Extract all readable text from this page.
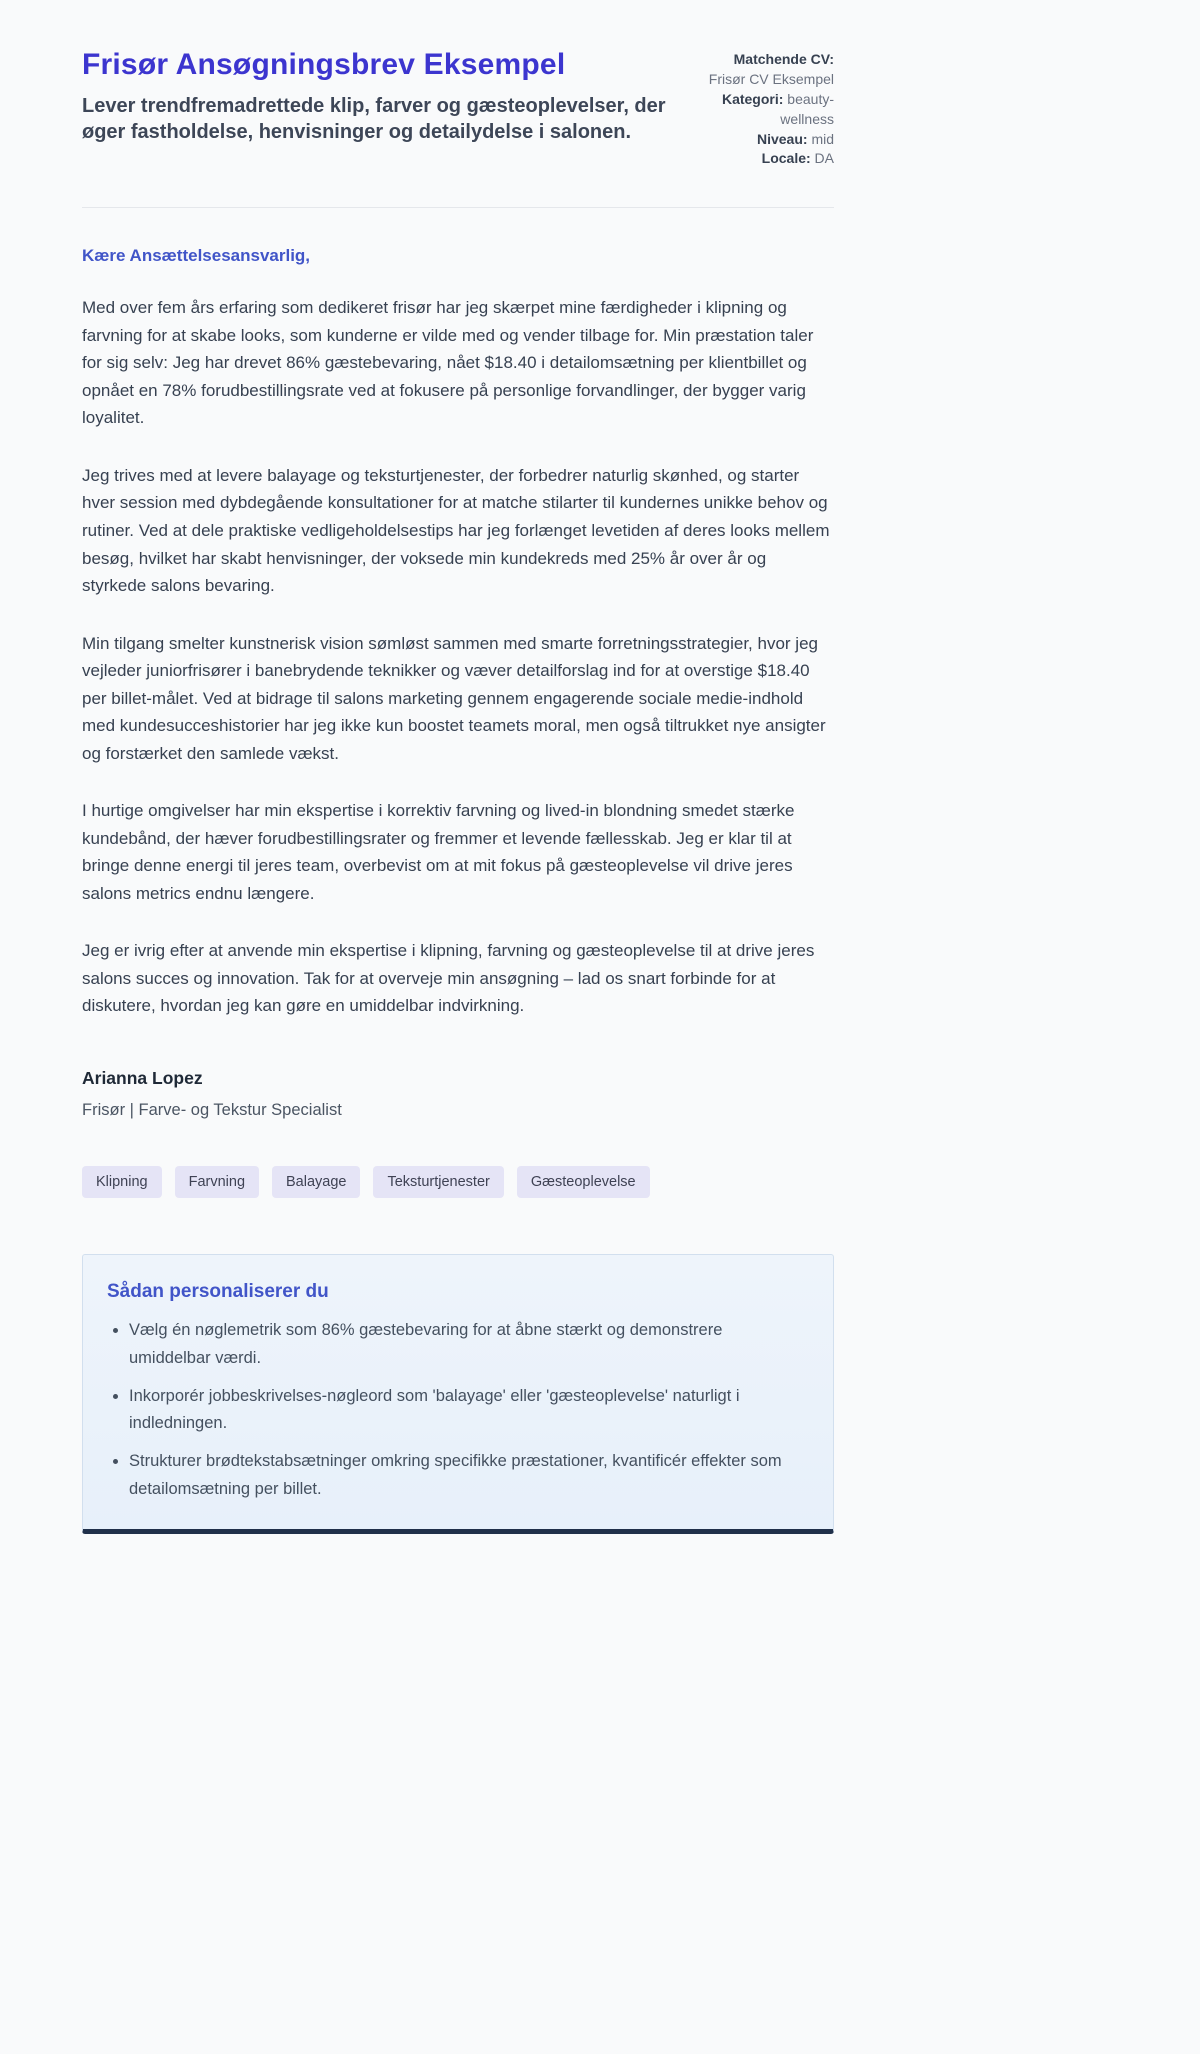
Frisør Ansøgningsbrev Eksempel

Lever trendfremadrettede klip, farver og gæsteoplevelser, der øger fastholdelse, henvisninger og detailydelse i salonen.

Matchende CV: Frisør CV Eksempel
Kategori: beauty-wellness
Niveau: mid
Locale: DA

Kære Ansættelsesansvarlig,

Med over fem års erfaring som dedikeret frisør har jeg skærpet mine færdigheder i klipning og farvning for at skabe looks, som kunderne er vilde med og vender tilbage for. Min præstation taler for sig selv: Jeg har drevet 86% gæstebevaring, nået $18.40 i detailomsætning per klientbillet og opnået en 78% forudbestillingsrate ved at fokusere på personlige forvandlinger, der bygger varig loyalitet.

Jeg trives med at levere balayage og teksturtjenester, der forbedrer naturlig skønhed, og starter hver session med dybdegående konsultationer for at matche stilarter til kundernes unikke behov og rutiner. Ved at dele praktiske vedligeholdelsestips har jeg forlænget levetiden af deres looks mellem besøg, hvilket har skabt henvisninger, der voksede min kundekreds med 25% år over år og styrkede salons bevaring.

Min tilgang smelter kunstnerisk vision sømløst sammen med smarte forretningsstrategier, hvor jeg vejleder juniorfrisører i banebrydende teknikker og væver detailforslag ind for at overstige $18.40 per billet-målet. Ved at bidrage til salons marketing gennem engagerende sociale medie-indhold med kundesucceshistorier har jeg ikke kun boostet teamets moral, men også tiltrukket nye ansigter og forstærket den samlede vækst.

I hurtige omgivelser har min ekspertise i korrektiv farvning og lived-in blondning smedet stærke kundebånd, der hæver forudbestillingsrater og fremmer et levende fællesskab. Jeg er klar til at bringe denne energi til jeres team, overbevist om at mit fokus på gæsteoplevelse vil drive jeres salons metrics endnu længere.

Jeg er ivrig efter at anvende min ekspertise i klipning, farvning og gæsteoplevelse til at drive jeres salons succes og innovation. Tak for at overveje min ansøgning – lad os snart forbinde for at diskutere, hvordan jeg kan gøre en umiddelbar indvirkning.

Arianna Lopez

Frisør | Farve- og Tekstur Specialist

Klipning	Farvning	Balayage	Teksturtjenester	Gæsteoplevelse
Sådan personaliserer du
• Vælg én nøglemetrik som 86% gæstebevaring for at åbne stærkt og demonstrere umiddelbar værdi.
• Inkorporér jobbeskrivelses-nøgleord som 'balayage' eller 'gæsteoplevelse' naturligt i indledningen.
• Strukturer brødtekstabsætninger omkring specifikke præstationer, kvantificér effekter som detailomsætning per billet.
